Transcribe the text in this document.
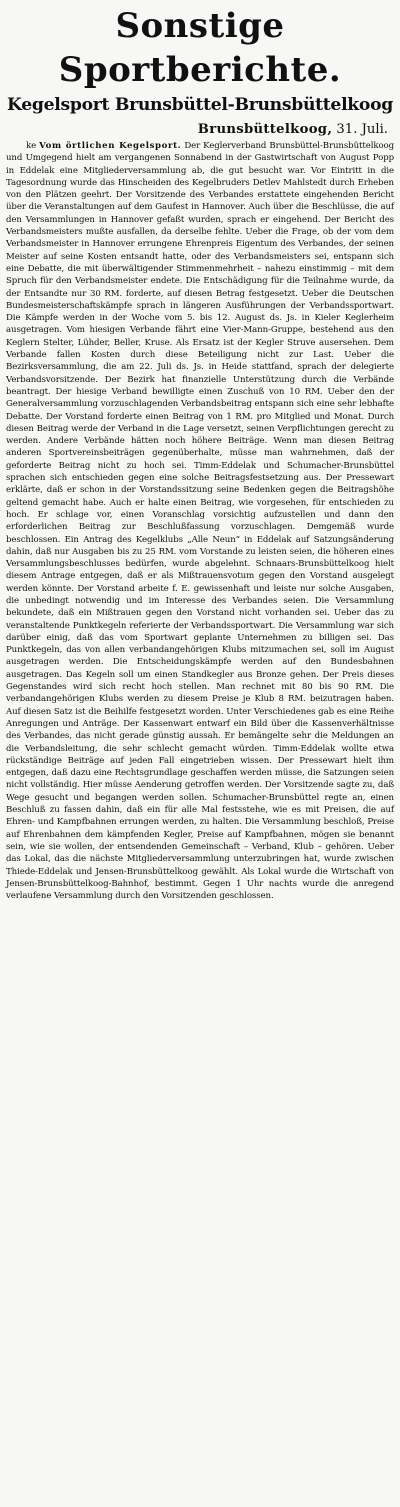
Sonstige Sportberichte.
Kegelsport Brunsbüttel-Brunsbüttelkoog
Brunsbüttelkoog, 31. Juli.

ke Vom örtlichen Kegelsport. Der Keglerverband Brunsbüttel-Brunsbüttelkoog und Umgegend hielt am vergangenen Sonnabend in der Gastwirtschaft von August Popp in Eddelak eine Mitgliederversammlung ab, die gut besucht war. Vor Eintritt in die Tagesordnung wurde das Hinscheiden des Kegelbruders Detlev Mahlstedt durch Erheben von den Plätzen geehrt. Der Vorsitzende des Verbandes erstattete eingehenden Bericht über die Veranstaltungen auf dem Gaufest in Hannover. Auch über die Beschlüsse, die auf den Versammlungen in Hannover gefaßt wurden, sprach er eingehend. Der Bericht des Verbandsmeisters mußte ausfallen, da derselbe fehlte. Ueber die Frage, ob der vom dem Verbandsmeister in Hannover errungene Ehrenpreis Eigentum des Verbandes, der seinen Meister auf seine Kosten entsandt hatte, oder des Verbandsmeisters sei, entspann sich eine Debatte, die mit überwältigender Stimmenmehrheit – nahezu einstimmig – mit dem Spruch für den Verbandsmeister endete. Die Entschädigung für die Teilnahme wurde, da der Entsandte nur 30 RM. forderte, auf diesen Betrag festgesetzt. Ueber die Deutschen Bundesmeisterschaftskämpfe sprach in längeren Ausführungen der Verbandssportwart. Die Kämpfe werden in der Woche vom 5. bis 12. August ds. Js. in Kieler Keglerheim ausgetragen. Vom hiesigen Verbande fährt eine Vier-Mann-Gruppe, bestehend aus den Keglern Stelter, Lühder, Beller, Kruse. Als Ersatz ist der Kegler Struve ausersehen. Dem Verbande fallen Kosten durch diese Beteiligung nicht zur Last. Ueber die Bezirksversammlung, die am 22. Juli ds. Js. in Heide stattfand, sprach der delegierte Verbandsvorsitzende. Der Bezirk hat finanzielle Unterstützung durch die Verbände beantragt. Der hiesige Verband bewilligte einen Zuschuß von 10 RM. Ueber den der Generalversammlung vorzuschlagenden Verbandsbeitrag entspann sich eine sehr lebhafte Debatte. Der Vorstand forderte einen Beitrag von 1 RM. pro Mitglied und Monat. Durch diesen Beitrag werde der Verband in die Lage versetzt, seinen Verpflichtungen gerecht zu werden. Andere Verbände hätten noch höhere Beiträge. Wenn man diesen Beitrag anderen Sportvereinsbeiträgen gegenüberhalte, müsse man wahrnehmen, daß der geforderte Beitrag nicht zu hoch sei. Timm-Eddelak und Schumacher-Brunsbüttel sprachen sich entschieden gegen eine solche Beitragsfestsetzung aus. Der Pressewart erklärte, daß er schon in der Vorstandssitzung seine Bedenken gegen die Beitragshöhe geltend gemacht habe. Auch er halte einen Beitrag, wie vorgesehen, für entschieden zu hoch. Er schlage vor, einen Voranschlag vorsichtig aufzustellen und dann den erforderlichen Beitrag zur Beschlußfassung vorzuschlagen. Demgemäß wurde beschlossen. Ein Antrag des Kegelklubs „Alle Neun“ in Eddelak auf Satzungsänderung dahin, daß nur Ausgaben bis zu 25 RM. vom Vorstande zu leisten seien, die höheren eines Versammlungsbeschlusses bedürfen, wurde abgelehnt. Schnaars-Brunsbüttelkoog hielt diesem Antrage entgegen, daß er als Mißtrauensvotum gegen den Vorstand ausgelegt werden könnte. Der Vorstand arbeite f. E. gewissenhaft und leiste nur solche Ausgaben, die unbedingt notwendig und im Interesse des Verbandes seien. Die Versammlung bekundete, daß ein Mißtrauen gegen den Vorstand nicht vorhanden sei. Ueber das zu veranstaltende Punktkegeln referierte der Verbandssportwart. Die Versammlung war sich darüber einig, daß das vom Sportwart geplante Unternehmen zu billigen sei. Das Punktkegeln, das von allen verbandangehörigen Klubs mitzumachen sei, soll im August ausgetragen werden. Die Entscheidungskämpfe werden auf den Bundesbahnen ausgetragen. Das Kegeln soll um einen Standkegler aus Bronze gehen. Der Preis dieses Gegenstandes wird sich recht hoch stellen. Man rechnet mit 80 bis 90 RM. Die verbandangehörigen Klubs werden zu diesem Preise je Klub 8 RM. beizutragen haben. Auf diesen Satz ist die Beihilfe festgesetzt worden. Unter Verschiedenes gab es eine Reihe Anregungen und Anträge. Der Kassenwart entwarf ein Bild über die Kassenverhältnisse des Verbandes, das nicht gerade günstig aussah. Er bemängelte sehr die Meldungen an die Verbandsleitung, die sehr schlecht gemacht würden. Timm-Eddelak wollte etwa rückständige Beiträge auf jeden Fall eingetrieben wissen. Der Pressewart hielt ihm entgegen, daß dazu eine Rechtsgrundlage geschaffen werden müsse, die Satzungen seien nicht vollständig. Hier müsse Aenderung getroffen werden. Der Vorsitzende sagte zu, daß Wege gesucht und begangen werden sollen. Schumacher-Brunsbüttel regte an, einen Beschluß zu fassen dahin, daß ein für alle Mal festsstehe, wie es mit Preisen, die auf Ehren- und Kampfbahnen errungen werden, zu halten. Die Versammlung beschloß, Preise auf Ehrenbahnen dem kämpfenden Kegler, Preise auf Kampfbahnen, mögen sie benannt sein, wie sie wollen, der entsendenden Gemeinschaft – Verband, Klub – gehören. Ueber das Lokal, das die nächste Mitgliederversammlung unterzubringen hat, wurde zwischen Thiede-Eddelak und Jensen-Brunsbüttelkoog gewählt. Als Lokal wurde die Wirtschaft von Jensen-Brunsbüttelkoog-Bahnhof, bestimmt. Gegen 1 Uhr nachts wurde die anregend verlaufene Versammlung durch den Vorsitzenden geschlossen.
